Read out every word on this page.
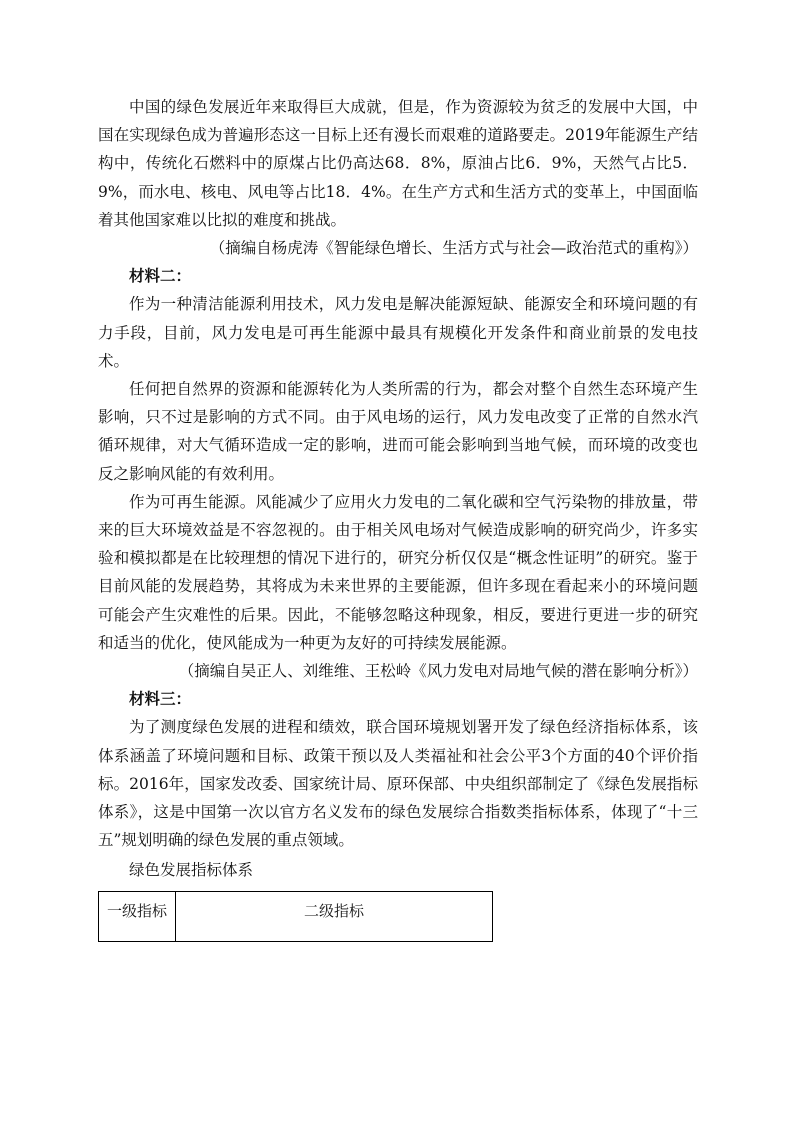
中国的绿色发展近年来取得巨大成就，但是，作为资源较为贫乏的发展中大国，中国在实现绿色成为普遍形态这一目标上还有漫长而艰难的道路要走。2019年能源生产结构中，传统化石燃料中的原煤占比仍高达68．8%，原油占比6．9%，天然气占比5．9%，而水电、核电、风电等占比18．4%。在生产方式和生活方式的变革上，中国面临着其他国家难以比拟的难度和挑战。

（摘编自杨虎涛《智能绿色增长、生活方式与社会—政治范式的重构》）

材料二：

作为一种清洁能源利用技术，风力发电是解决能源短缺、能源安全和环境问题的有力手段，目前，风力发电是可再生能源中最具有规模化开发条件和商业前景的发电技术。

任何把自然界的资源和能源转化为人类所需的行为，都会对整个自然生态环境产生影响，只不过是影响的方式不同。由于风电场的运行，风力发电改变了正常的自然水汽循环规律，对大气循环造成一定的影响，进而可能会影响到当地气候，而环境的改变也反之影响风能的有效利用。

作为可再生能源。风能减少了应用火力发电的二氧化碳和空气污染物的排放量，带来的巨大环境效益是不容忽视的。由于相关风电场对气候造成影响的研究尚少，许多实验和模拟都是在比较理想的情况下进行的，研究分析仅仅是“概念性证明”的研究。鉴于目前风能的发展趋势，其将成为未来世界的主要能源，但许多现在看起来小的环境问题可能会产生灾难性的后果。因此，不能够忽略这种现象，相反，要进行更进一步的研究和适当的优化，使风能成为一种更为友好的可持续发展能源。

（摘编自吴正人、刘维维、王松岭《风力发电对局地气候的潜在影响分析》）

材料三：

为了测度绿色发展的进程和绩效，联合国环境规划署开发了绿色经济指标体系，该体系涵盖了环境问题和目标、政策干预以及人类福祉和社会公平3个方面的40个评价指标。2016年，国家发改委、国家统计局、原环保部、中央组织部制定了《绿色发展指标体系》，这是中国第一次以官方名义发布的绿色发展综合指数类指标体系，体现了“十三五”规划明确的绿色发展的重点领域。

绿色发展指标体系

一级指标	二级指标
